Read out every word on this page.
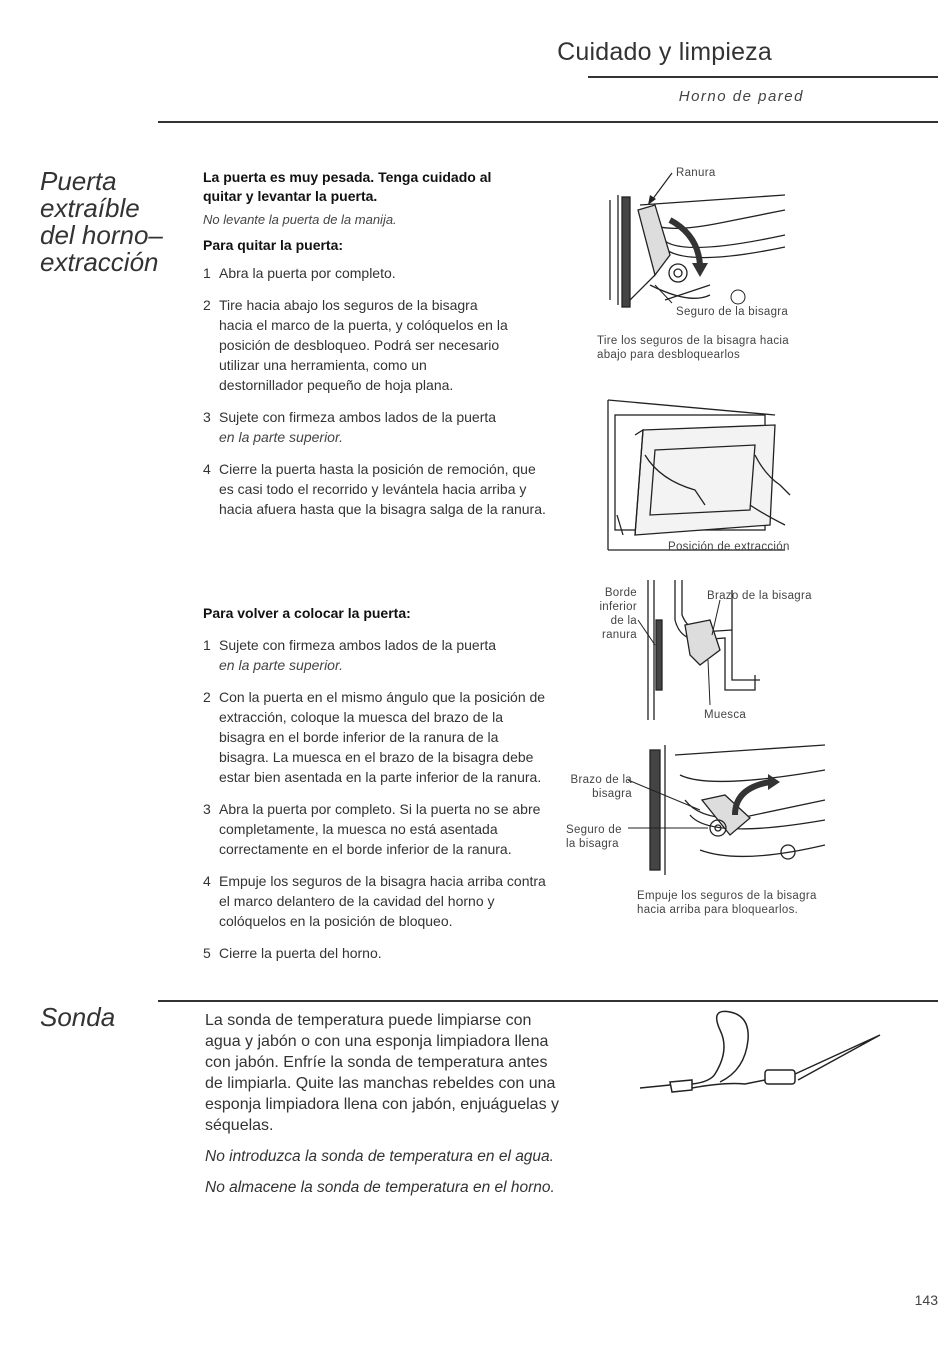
Cuidado y limpieza
Horno de pared
Puerta
extraíble
del horno–
extracción
La puerta es muy pesada. Tenga cuidado al quitar y levantar la puerta.
No levante la puerta de la manija.
Para quitar la puerta:
1 Abra la puerta por completo.
2 Tire hacia abajo los seguros de la bisagra hacia el marco de la puerta, y colóquelos en la posición de desbloqueo. Podrá ser necesario utilizar una herramienta, como un destornillador pequeño de hoja plana.
3 Sujete con firmeza ambos lados de la puerta
en la parte superior.
4 Cierre la puerta hasta la posición de remoción, que es casi todo el recorrido y levántela hacia arriba y hacia afuera hasta que la bisagra salga de la ranura.
Para volver a colocar la puerta:
1 Sujete con firmeza ambos lados de la puerta
en la parte superior.
2 Con la puerta en el mismo ángulo que la posición de extracción, coloque la muesca del brazo de la bisagra en el borde inferior de la ranura de la bisagra. La muesca en el brazo de la bisagra debe estar bien asentada en la parte inferior de la ranura.
3 Abra la puerta por completo. Si la puerta no se abre completamente, la muesca no está asentada correctamente en el borde inferior de la ranura.
4 Empuje los seguros de la bisagra hacia arriba contra el marco delantero de la cavidad del horno y colóquelos en la posición de bloqueo.
5 Cierre la puerta del horno.
Ranura
Seguro de la bisagra
Tire los seguros de la bisagra hacia abajo para desbloquearlos
Posición de extracción
Borde inferior de la ranura
Brazo de la bisagra
Muesca
Brazo de la bisagra
Seguro de la bisagra
Empuje los seguros de la bisagra hacia arriba para bloquearlos.
Sonda	La sonda de temperatura puede limpiarse con agua y jabón o con una esponja limpiadora llena con jabón. Enfríe la sonda de temperatura antes de limpiarla. Quite las manchas rebeldes con una esponja limpiadora llena con jabón, enjuáguelas y séquelas.
No introduzca la sonda de temperatura en el agua.
No almacene la sonda de temperatura en el horno.
143
